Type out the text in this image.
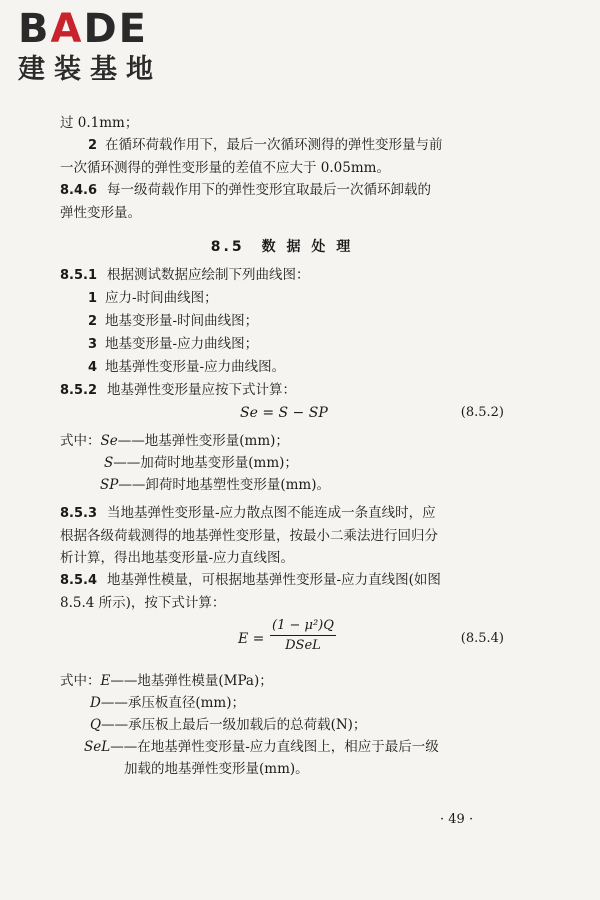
BADE
建装基地
过 0.1mm；
2 在循环荷载作用下，最后一次循环测得的弹性变形量与前
一次循环测得的弹性变形量的差值不应大于 0.05mm。
8.4.6 每一级荷载作用下的弹性变形宜取最后一次循环卸载的
弹性变形量。
8.5　数 据 处 理
8.5.1 根据测试数据应绘制下列曲线图：
1 应力-时间曲线图；
2 地基变形量-时间曲线图；
3 地基变形量-应力曲线图；
4 地基弹性变形量-应力曲线图。
8.5.2 地基弹性变形量应按下式计算：
Se = S − SP	(8.5.2)
式中：Se——地基弹性变形量(mm)；
S——加荷时地基变形量(mm)；
SP——卸荷时地基塑性变形量(mm)。
8.5.3 当地基弹性变形量-应力散点图不能连成一条直线时，应
根据各级荷载测得的地基弹性变形量，按最小二乘法进行回归分
析计算，得出地基变形量-应力直线图。
8.5.4 地基弹性模量，可根据地基弹性变形量-应力直线图(如图
8.5.4 所示)，按下式计算：
E =
(1 − μ²)Q
DSeL	(8.5.4)
式中：E——地基弹性模量(MPa)；
D——承压板直径(mm)；
Q——承压板上最后一级加载后的总荷载(N)；
SeL——在地基弹性变形量-应力直线图上，相应于最后一级
加载的地基弹性变形量(mm)。
· 49 ·
